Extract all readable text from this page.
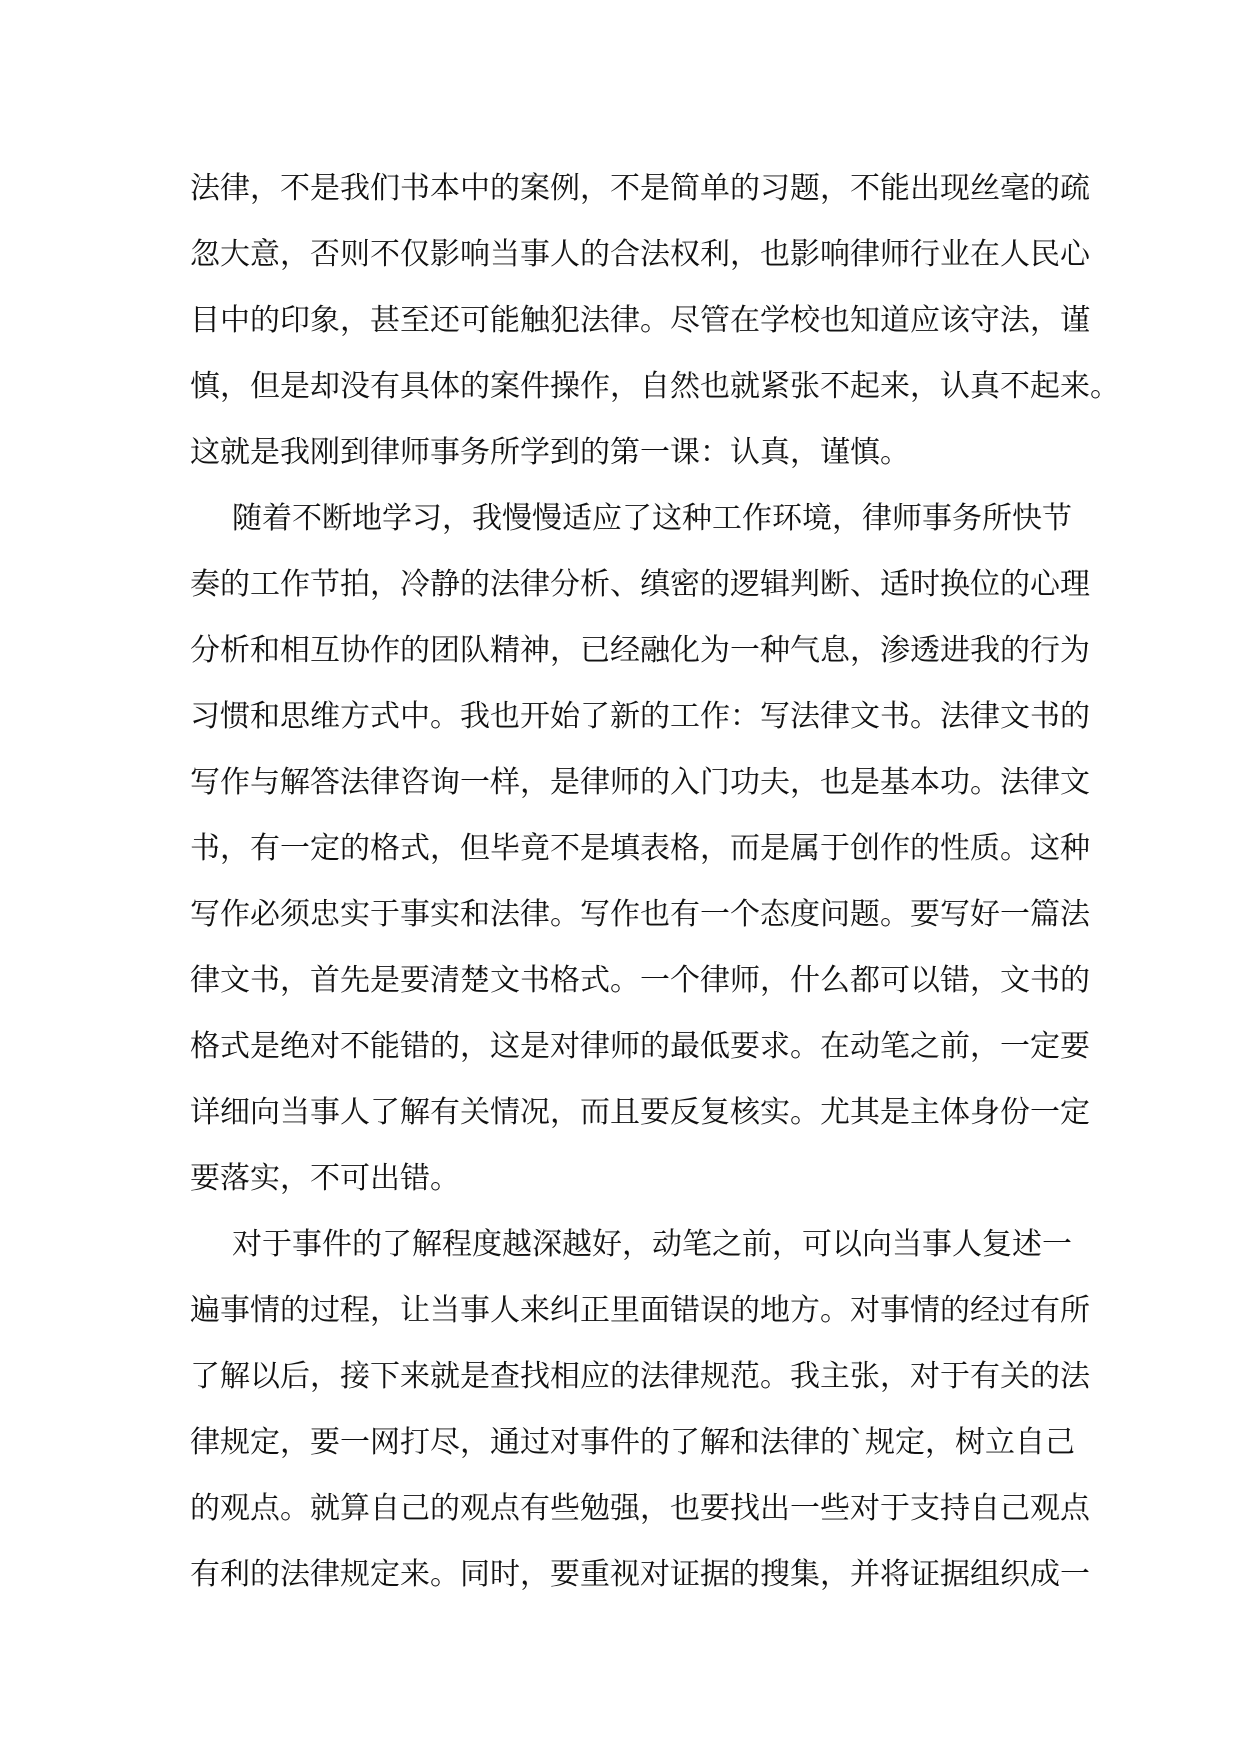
法律，不是我们书本中的案例，不是简单的习题，不能出现丝毫的疏
忽大意，否则不仅影响当事人的合法权利，也影响律师行业在人民心
目中的印象，甚至还可能触犯法律。尽管在学校也知道应该守法，谨
慎，但是却没有具体的案件操作，自然也就紧张不起来，认真不起来。
这就是我刚到律师事务所学到的第一课：认真，谨慎。
随着不断地学习，我慢慢适应了这种工作环境，律师事务所快节
奏的工作节拍，冷静的法律分析、缜密的逻辑判断、适时换位的心理
分析和相互协作的团队精神，已经融化为一种气息，渗透进我的行为
习惯和思维方式中。我也开始了新的工作：写法律文书。法律文书的
写作与解答法律咨询一样，是律师的入门功夫，也是基本功。法律文
书，有一定的格式，但毕竟不是填表格，而是属于创作的性质。这种
写作必须忠实于事实和法律。写作也有一个态度问题。要写好一篇法
律文书，首先是要清楚文书格式。一个律师，什么都可以错，文书的
格式是绝对不能错的，这是对律师的最低要求。在动笔之前，一定要
详细向当事人了解有关情况，而且要反复核实。尤其是主体身份一定
要落实，不可出错。
对于事件的了解程度越深越好，动笔之前，可以向当事人复述一
遍事情的过程，让当事人来纠正里面错误的地方。对事情的经过有所
了解以后，接下来就是查找相应的法律规范。我主张，对于有关的法
律规定，要一网打尽，通过对事件的了解和法律的`规定，树立自己
的观点。就算自己的观点有些勉强，也要找出一些对于支持自己观点
有利的法律规定来。同时，要重视对证据的搜集，并将证据组织成一
